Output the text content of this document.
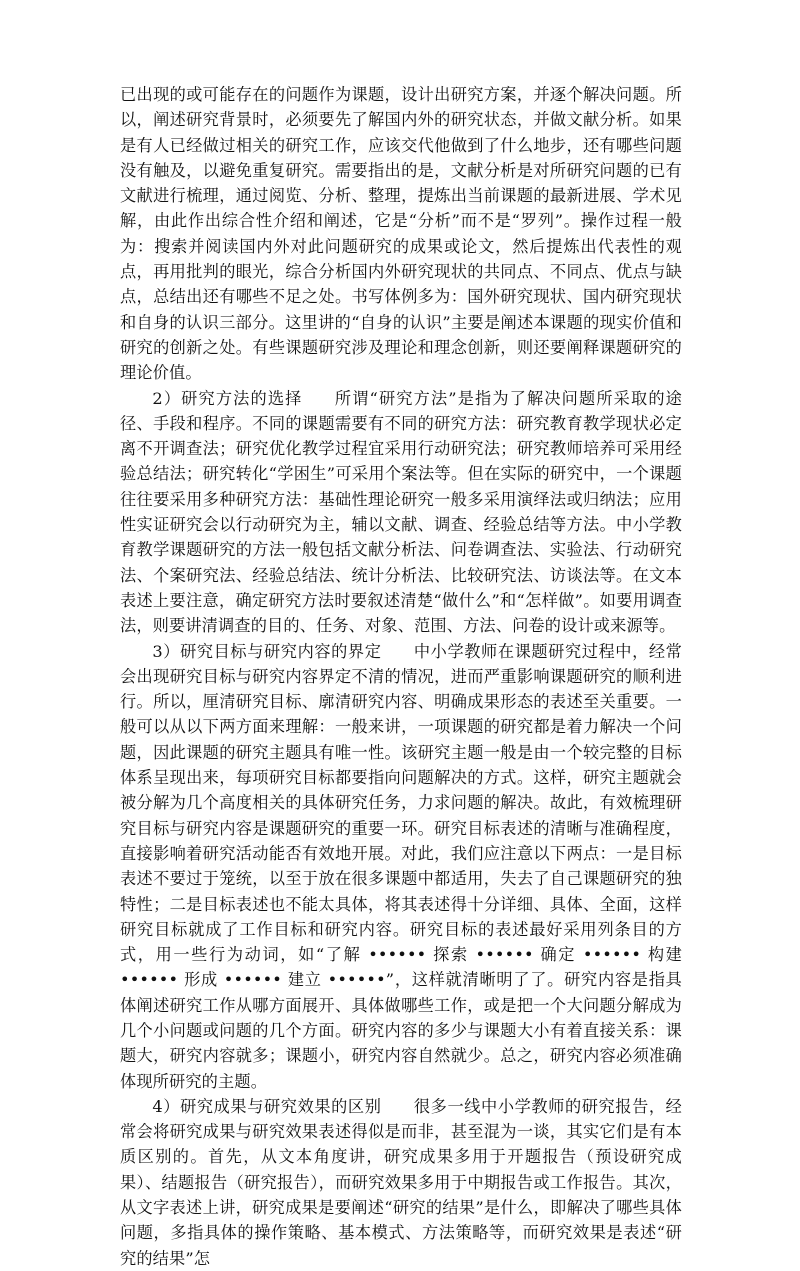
已出现的或可能存在的问题作为课题，设计出研究方案，并逐个解决问题。所以，阐述研究背景时，必须要先了解国内外的研究状态，并做文献分析。如果是有人已经做过相关的研究工作，应该交代他做到了什么地步，还有哪些问题没有触及，以避免重复研究。需要指出的是，文献分析是对所研究问题的已有文献进行梳理，通过阅览、分析、整理，提炼出当前课题的最新进展、学术见解，由此作出综合性介绍和阐述，它是“分析”而不是“罗列”。操作过程一般为：搜索并阅读国内外对此问题研究的成果或论文，然后提炼出代表性的观点，再用批判的眼光，综合分析国内外研究现状的共同点、不同点、优点与缺点，总结出还有哪些不足之处。书写体例多为：国外研究现状、国内研究现状和自身的认识三部分。这里讲的“自身的认识”主要是阐述本课题的现实价值和研究的创新之处。有些课题研究涉及理论和理念创新，则还要阐释课题研究的理论价值。

2）研究方法的选择 所谓“研究方法”是指为了解决问题所采取的途径、手段和程序。不同的课题需要有不同的研究方法：研究教育教学现状必定离不开调查法；研究优化教学过程宜采用行动研究法；研究教师培养可采用经验总结法；研究转化“学困生”可采用个案法等。但在实际的研究中，一个课题往往要采用多种研究方法：基础性理论研究一般多采用演绎法或归纳法；应用性实证研究会以行动研究为主，辅以文献、调查、经验总结等方法。中小学教育教学课题研究的方法一般包括文献分析法、问卷调查法、实验法、行动研究法、个案研究法、经验总结法、统计分析法、比较研究法、访谈法等。在文本表述上要注意，确定研究方法时要叙述清楚“做什么”和“怎样做”。如要用调查法，则要讲清调查的目的、任务、对象、范围、方法、问卷的设计或来源等。

3）研究目标与研究内容的界定 中小学教师在课题研究过程中，经常会出现研究目标与研究内容界定不清的情况，进而严重影响课题研究的顺利进行。所以，厘清研究目标、廓清研究内容、明确成果形态的表述至关重要。一般可以从以下两方面来理解：一般来讲，一项课题的研究都是着力解决一个问题，因此课题的研究主题具有唯一性。该研究主题一般是由一个较完整的目标体系呈现出来，每项研究目标都要指向问题解决的方式。这样，研究主题就会被分解为几个高度相关的具体研究任务，力求问题的解决。故此，有效梳理研究目标与研究内容是课题研究的重要一环。研究目标表述的清晰与准确程度，直接影响着研究活动能否有效地开展。对此，我们应注意以下两点：一是目标表述不要过于笼统，以至于放在很多课题中都适用，失去了自己课题研究的独特性；二是目标表述也不能太具体，将其表述得十分详细、具体、全面，这样研究目标就成了工作目标和研究内容。研究目标的表述最好采用列条目的方式，用一些行为动词，如“了解 •••••• 探索 •••••• 确定 •••••• 构建 •••••• 形成 •••••• 建立 ••••••”，这样就清晰明了了。研究内容是指具体阐述研究工作从哪方面展开、具体做哪些工作，或是把一个大问题分解成为几个小问题或问题的几个方面。研究内容的多少与课题大小有着直接关系：课题大，研究内容就多；课题小，研究内容自然就少。总之，研究内容必须准确体现所研究的主题。

4）研究成果与研究效果的区别 很多一线中小学教师的研究报告，经常会将研究成果与研究效果表述得似是而非，甚至混为一谈，其实它们是有本质区别的。首先，从文本角度讲，研究成果多用于开题报告（预设研究成果）、结题报告（研究报告），而研究效果多用于中期报告或工作报告。其次，从文字表述上讲，研究成果是要阐述“研究的结果”是什么，即解决了哪些具体问题，多指具体的操作策略、基本模式、方法策略等，而研究效果是表述“研究的结果”怎
